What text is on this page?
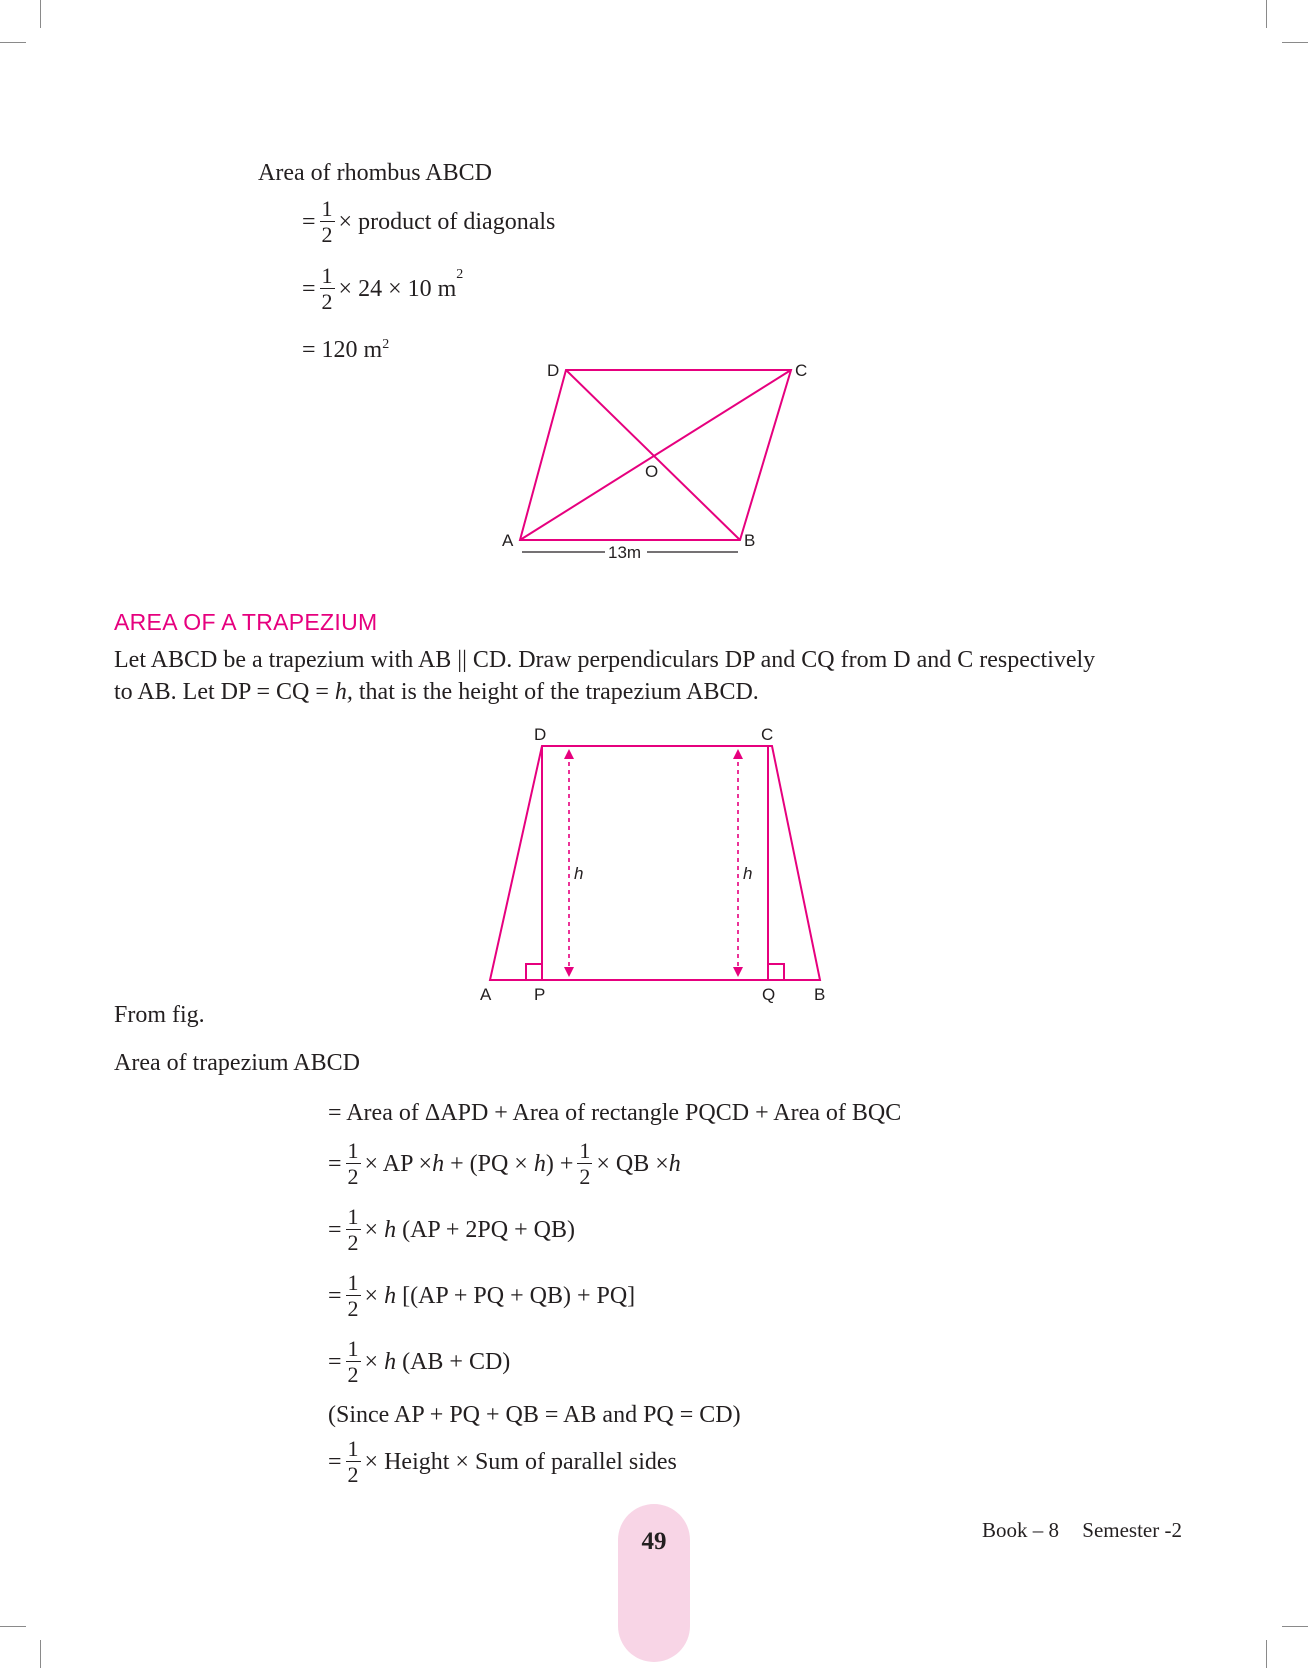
Area of rhombus ABCD
= $\frac{1}{2}$ × product of diagonals
= $\frac{1}{2} \times 24 \times 10$ m
$^2$
= 120 $m^2$
D	C
O
A	B
13m
AREA OF A TRAPEZIUM
Let ABCD be a trapezium with AB || CD. Draw perpendiculars DP and CQ from D and C respectively
to AB. Let DP = CQ = h, that is the height of the trapezium ABCD.
D	C
A	P	Q B
h	h
From fig.
Area of trapezium ABCD
= Area of ΔAPD + Area of rectangle PQCD + Area of BQC
= $\frac{1}{2}$ × AP × h + (PQ × h ) + $\frac{1}{2}$ × QB × h
= $\frac{1}{2} \times h$ (AP + 2PQ + QB)
= $\frac{1}{2} \times h$ [(AP + PQ + QB) + PQ]
= $\frac{1}{2} \times h$ (AB + CD)
(Since AP + PQ + QB = AB and PQ = CD)
= $\frac{1}{2}$ × Height × Sum of parallel sides
49	Book – 8 Semester -2
